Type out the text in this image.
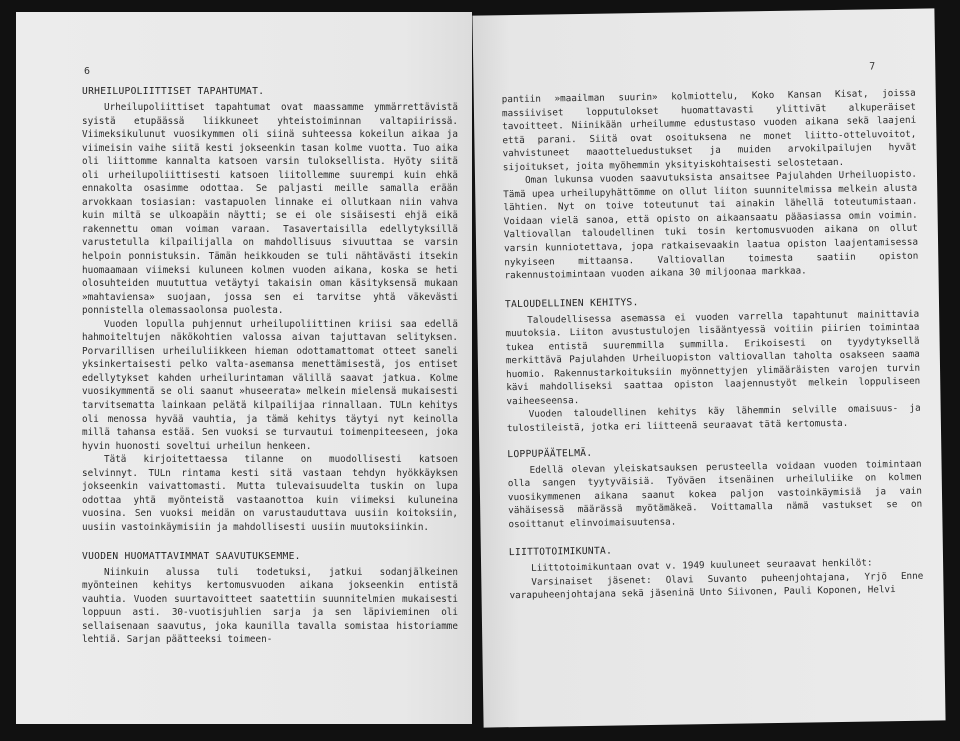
6
URHEILUPOLIITTISET TAPAHTUMAT.

Urheilupoliittiset tapahtumat ovat maassamme ymmärrettävistä syistä etupäässä liikkuneet yhteistoiminnan valtapiirissä. Viimeksikulunut vuosikymmen oli siinä suhteessa kokeilun aikaa ja viimeisin vaihe siitä kesti jokseenkin tasan kolme vuotta. Tuo aika oli liittomme kannalta katsoen varsin tuloksellista. Hyöty siitä oli urheilupoliittisesti katsoen liitollemme suurempi kuin ehkä ennakolta osasimme odottaa. Se paljasti meille samalla erään arvokkaan tosiasian: vastapuolen linnake ei ollutkaan niin vahva kuin miltä se ulkoapäin näytti; se ei ole sisäisesti ehjä eikä rakennettu oman voiman varaan. Tasavertaisilla edellytyksillä varustetulla kilpailijalla on mahdollisuus sivuuttaa se varsin helpoin ponnistuksin. Tämän heikkouden se tuli nähtävästi itsekin huomaamaan viimeksi kuluneen kolmen vuoden aikana, koska se heti olosuhteiden muututtua vetäytyi takaisin oman käsityksensä mukaan »mahtaviensa» suojaan, jossa sen ei tarvitse yhtä väkevästi ponnistella olemassaolonsa puolesta.

Vuoden lopulla puhjennut urheilupoliittinen kriisi saa edellä hahmoiteltujen näkökohtien valossa aivan tajuttavan selityksen. Porvarillisen urheiluliikkeen hieman odottamattomat otteet saneli yksinkertaisesti pelko valta-asemansa menettämisestä, jos entiset edellytykset kahden urheilurintaman välillä saavat jatkua. Kolme vuosikymmentä se oli saanut »huseerata» melkein mielensä mukaisesti tarvitsematta lainkaan pelätä kilpailijaa rinnallaan. TULn kehitys oli menossa hyvää vauhtia, ja tämä kehitys täytyi nyt keinolla millä tahansa estää. Sen vuoksi se turvautui toimenpiteeseen, joka hyvin huonosti soveltui urheilun henkeen.

Tätä kirjoitettaessa tilanne on muodollisesti katsoen selvinnyt. TULn rintama kesti sitä vastaan tehdyn hyökkäyksen jokseenkin vaivattomasti. Mutta tulevaisuudelta tuskin on lupa odottaa yhtä myönteistä vastaanottoa kuin viimeksi kuluneina vuosina. Sen vuoksi meidän on varustauduttava uusiin koitoksiin, uusiin vastoinkäymisiin ja mahdollisesti uusiin muutoksiinkin.

VUODEN HUOMATTAVIMMAT SAAVUTUKSEMME.

Niinkuin alussa tuli todetuksi, jatkui sodanjälkeinen myönteinen kehitys kertomusvuoden aikana jokseenkin entistä vauhtia. Vuoden suurtavoitteet saatettiin suunnitelmien mukaisesti loppuun asti. 30-vuotisjuhlien sarja ja sen läpivieminen oli sellaisenaan saavutus, joka kaunilla tavalla somistaa historiamme lehtiä. Sarjan päätteeksi toimeen-

7

pantiin »maailman suurin» kolmiottelu, Koko Kansan Kisat, joissa massiiviset lopputulokset huomattavasti ylittivät alkuperäiset tavoitteet. Niinikään urheilumme edustustaso vuoden aikana sekä laajeni että parani. Siitä ovat osoituksena ne monet liitto-otteluvoitot, vahvistuneet maaotteluedustukset ja muiden arvokilpailujen hyvät sijoitukset, joita myöhemmin yksityiskohtaisesti selostetaan.

Oman lukunsa vuoden saavutuksista ansaitsee Pajulahden Urheiluopisto. Tämä upea urheilupyhättömme on ollut liiton suunnitelmissa melkein alusta lähtien. Nyt on toive toteutunut tai ainakin lähellä toteutumistaan. Voidaan vielä sanoa, että opisto on aikaansaatu pääasiassa omin voimin. Valtiovallan taloudellinen tuki tosin kertomusvuoden aikana on ollut varsin kunniotettava, jopa ratkaisevaakin laatua opiston laajentamisessa nykyiseen mittaansa. Valtiovallan toimesta saatiin opiston rakennustoimintaan vuoden aikana 30 miljoonaa markkaa.

TALOUDELLINEN KEHITYS.

Taloudellisessa asemassa ei vuoden varrella tapahtunut mainittavia muutoksia. Liiton avustustulojen lisääntyessä voitiin piirien toimintaa tukea entistä suuremmilla summilla. Erikoisesti on tyydytyksellä merkittävä Pajulahden Urheiluopiston valtiovallan taholta osakseen saama huomio. Rakennustarkoituksiin myönnettyjen ylimääräisten varojen turvin kävi mahdolliseksi saattaa opiston laajennustyöt melkein loppuliseen vaiheeseensa.

Vuoden taloudellinen kehitys käy lähemmin selville omaisuus- ja tulostileistä, jotka eri liitteenä seuraavat tätä kertomusta.

LOPPUPÄÄTELMÄ.

Edellä olevan yleiskatsauksen perusteella voidaan vuoden toimintaan olla sangen tyytyväisiä. Työväen itsenäinen urheiluliike on kolmen vuosikymmenen aikana saanut kokea paljon vastoinkäymisiä ja vain vähäisessä määrässä myötämäkeä. Voittamalla nämä vastukset se on osoittanut elinvoimaisuutensa.

LIITTOTOIMIKUNTA.

Liittotoimikuntaan ovat v. 1949 kuuluneet seuraavat henkilöt:

Varsinaiset jäsenet: Olavi Suvanto puheenjohtajana, Yrjö Enne varapuheenjohtajana sekä jäseninä Unto Siivonen, Pauli Koponen, Helvi
